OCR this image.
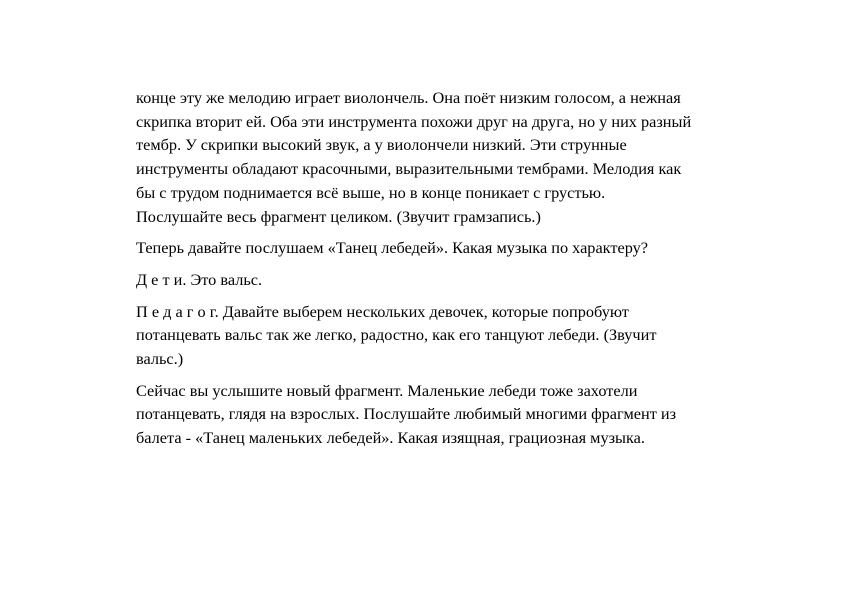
конце эту же мелодию играет виолончель. Она поёт низким голосом, а нежная
скрипка вторит ей. Оба эти инструмента похожи друг на друга, но у них разный
тембр. У скрипки высокий звук, а у виолончели низкий. Эти струнные
инструменты обладают красочными, выразительными тембрами. Мелодия как
бы с трудом поднимается всё выше, но в конце поникает с грустью.
Послушайте весь фрагмент целиком. (Звучит грамзапись.)

Теперь давайте послушаем «Танец лебедей». Какая музыка по характеру?

Д е т и. Это вальс.

П е д а г о г. Давайте выберем нескольких девочек, которые попробуют
потанцевать вальс так же легко, радостно, как его танцуют лебеди. (Звучит
вальс.)

Сейчас вы услышите новый фрагмент. Маленькие лебеди тоже захотели
потанцевать, глядя на взрослых. Послушайте любимый многими фрагмент из
балета - «Танец маленьких лебедей». Какая изящная, грациозная музыка.
